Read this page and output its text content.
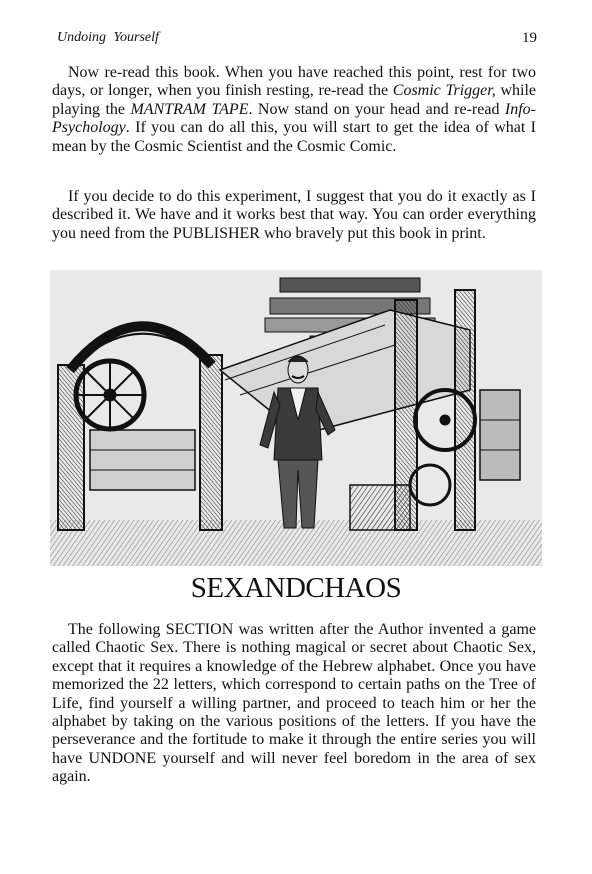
Undoing Yourself	19

Now re-read this book. When you have reached this point, rest for two days, or longer, when you finish resting, re-read the Cosmic Trigger, while playing the MANTRAM TAPE. Now stand on your head and re-read Info-Psychology. If you can do all this, you will start to get the idea of what I mean by the Cosmic Scientist and the Cosmic Comic.

If you decide to do this experiment, I suggest that you do it exactly as I described it. We have and it works best that way. You can order everything you need from the PUBLISHER who bravely put this book in print.

SEXANDCHAOS

The following SECTION was written after the Author invented a game called Chaotic Sex. There is nothing magical or secret about Chaotic Sex, except that it requires a knowledge of the Hebrew alphabet. Once you have memorized the 22 letters, which correspond to certain paths on the Tree of Life, find yourself a willing partner, and proceed to teach him or her the alphabet by taking on the various positions of the letters. If you have the perseverance and the fortitude to make it through the entire series you will have UNDONE yourself and will never feel boredom in the area of sex again.
